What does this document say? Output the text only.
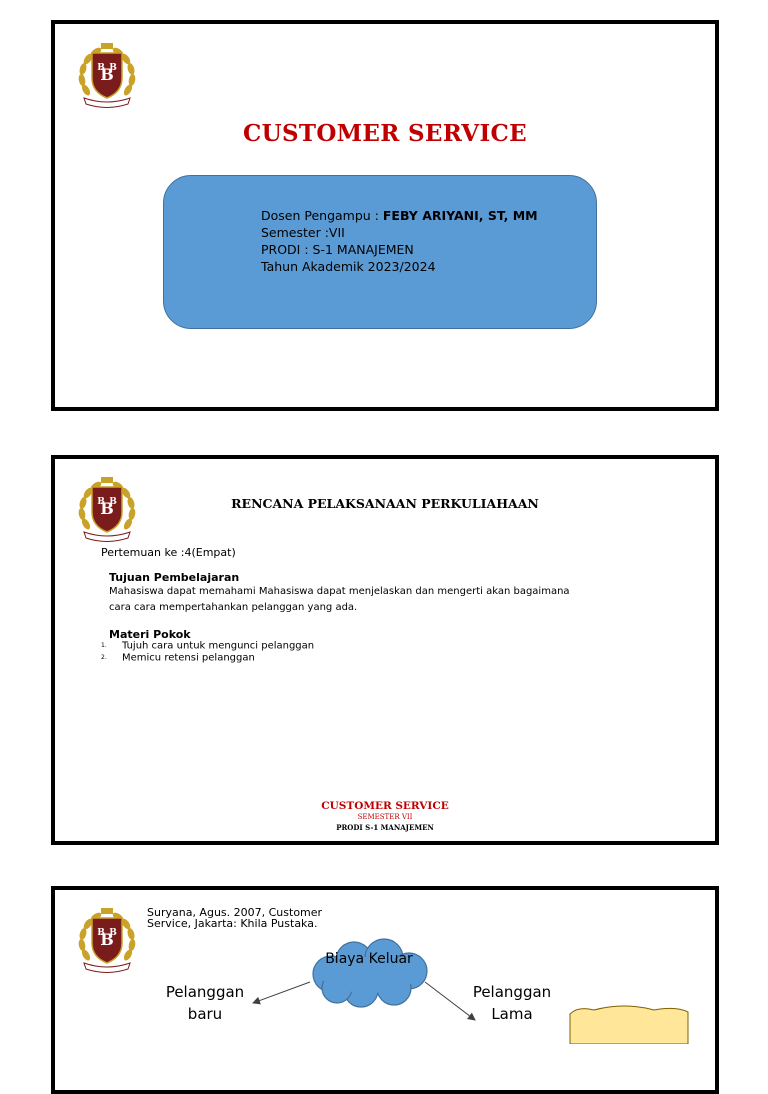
CUSTOMER SERVICE
Dosen Pengampu : FEBY ARIYANI, ST, MM
Semester :VII
PRODI : S-1 MANAJEMEN
Tahun Akademik 2023/2024
RENCANA PELAKSANAAN PERKULIAHAAN
Pertemuan ke :4(Empat)
Tujuan Pembelajaran
Mahasiswa dapat memahami Mahasiswa dapat menjelaskan dan mengerti akan bagaimana
cara cara mempertahankan pelanggan yang ada.
Materi Pokok
1. Tujuh cara untuk mengunci pelanggan
2. Memicu retensi pelanggan
CUSTOMER SERVICE
SEMESTER VII
PRODI S-1 MANAJEMEN
Suryana, Agus. 2007, Customer
Service, Jakarta: Khila Pustaka.
Biaya Keluar
Pelanggan
baru
Pelanggan
Lama
